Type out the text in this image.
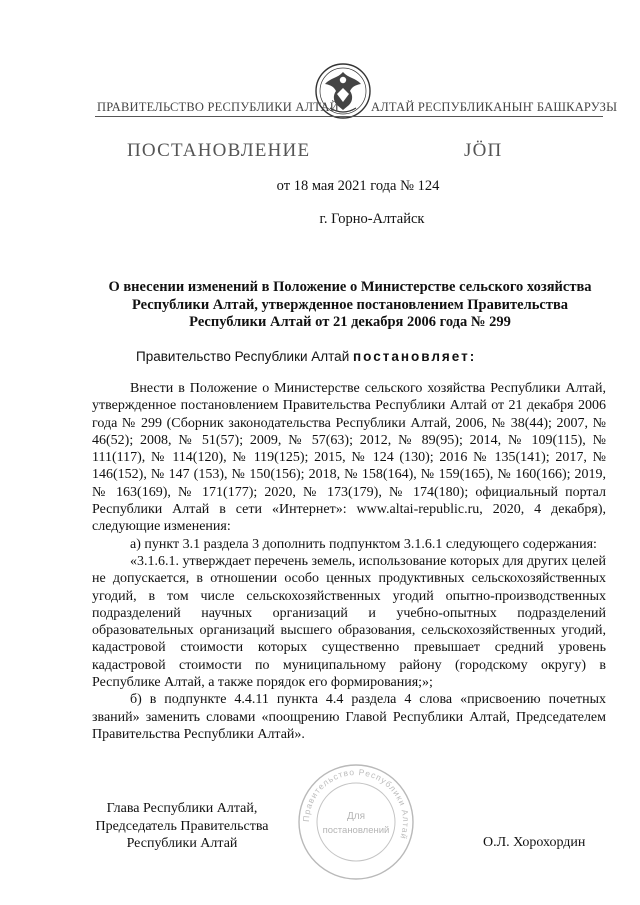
ПРАВИТЕЛЬСТВО РЕСПУБЛИКИ АЛТАЙ	АЛТАЙ РЕСПУБЛИКАНЫҤ БАШКАРУЗЫ
ПОСТАНОВЛЕНИЕ	JÖП
от 18 мая 2021 года № 124
г. Горно-Алтайск
О внесении изменений в Положение о Министерстве сельского хозяйства
Республики Алтай, утвержденное постановлением Правительства
Республики Алтай от 21 декабря 2006 года № 299
Правительство Республики Алтай постановляет:

Внести в Положение о Министерстве сельского хозяйства Республики Алтай, утвержденное постановлением Правительства Республики Алтай от 21 декабря 2006 года № 299 (Сборник законодательства Республики Алтай, 2006, № 38(44); 2007, № 46(52); 2008, № 51(57); 2009, № 57(63); 2012, № 89(95); 2014, № 109(115), № 111(117), № 114(120), № 119(125); 2015, № 124 (130); 2016 № 135(141); 2017, № 146(152), № 147 (153), № 150(156); 2018, № 158(164), № 159(165), № 160(166); 2019, № 163(169), № 171(177); 2020, № 173(179), № 174(180); официальный портал Республики Алтай в сети «Интернет»: www.altai-republic.ru, 2020, 4 декабря), следующие изменения:

а) пункт 3.1 раздела 3 дополнить подпунктом 3.1.6.1 следующего содержания:

«3.1.6.1. утверждает перечень земель, использование которых для других целей не допускается, в отношении особо ценных продуктивных сельскохозяйственных угодий, в том числе сельскохозяйственных угодий опытно-производственных подразделений научных организаций и учебно-опытных подразделений образовательных организаций высшего образования, сельскохозяйственных угодий, кадастровой стоимости которых существенно превышает средний уровень кадастровой стоимости по муниципальному району (городскому округу) в Республике Алтай, а также порядок его формирования;»;

б) в подпункте 4.4.11 пункта 4.4 раздела 4 слова «присвоению почетных званий» заменить словами «поощрению Главой Республики Алтай, Председателем Правительства Республики Алтай».

Глава Республики Алтай,
Председатель Правительства
Республики Алтай
Правительство Республики Алтай
Для
постановлений
О.Л. Хорохордин
